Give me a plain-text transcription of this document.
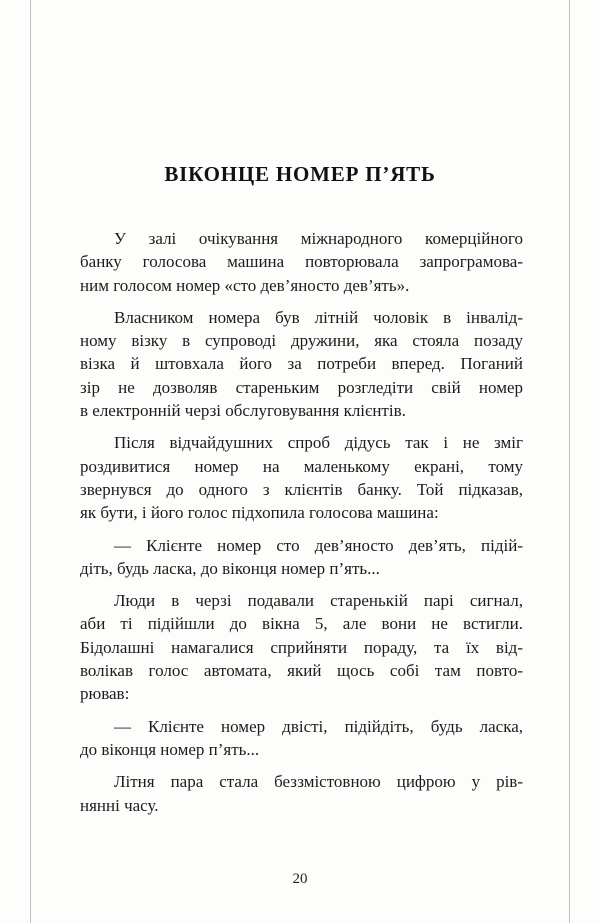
ВІКОНЦЕ НОМЕР П’ЯТЬ
У залі очікування міжнародного комерційного
банку голосова машина повторювала запрограмова-
ним голосом номер «сто дев’яносто дев’ять».
Власником номера був літній чоловік в інвалід-
ному візку в супроводі дружини, яка стояла позаду
візка й штовхала його за потреби вперед. Поганий
зір не дозволяв стареньким розгледіти свій номер
в електронній черзі обслуговування клієнтів.
Після відчайдушних спроб дідусь так і не зміг
роздивитися номер на маленькому екрані, тому
звернувся до одного з клієнтів банку. Той підказав,
як бути, і його голос підхопила голосова машина:
— Клієнте номер сто дев’яносто дев’ять, підій-
діть, будь ласка, до віконця номер п’ять...
Люди в черзі подавали старенькій парі сигнал,
аби ті підійшли до вікна 5, але вони не встигли.
Бідолашні намагалися сприйняти пораду, та їх від-
волікав голос автомата, який щось собі там повто-
рював:
— Клієнте номер двісті, підійдіть, будь ласка,
до віконця номер п’ять...
Літня пара стала беззмістовною цифрою у рів-
нянні часу.
20
